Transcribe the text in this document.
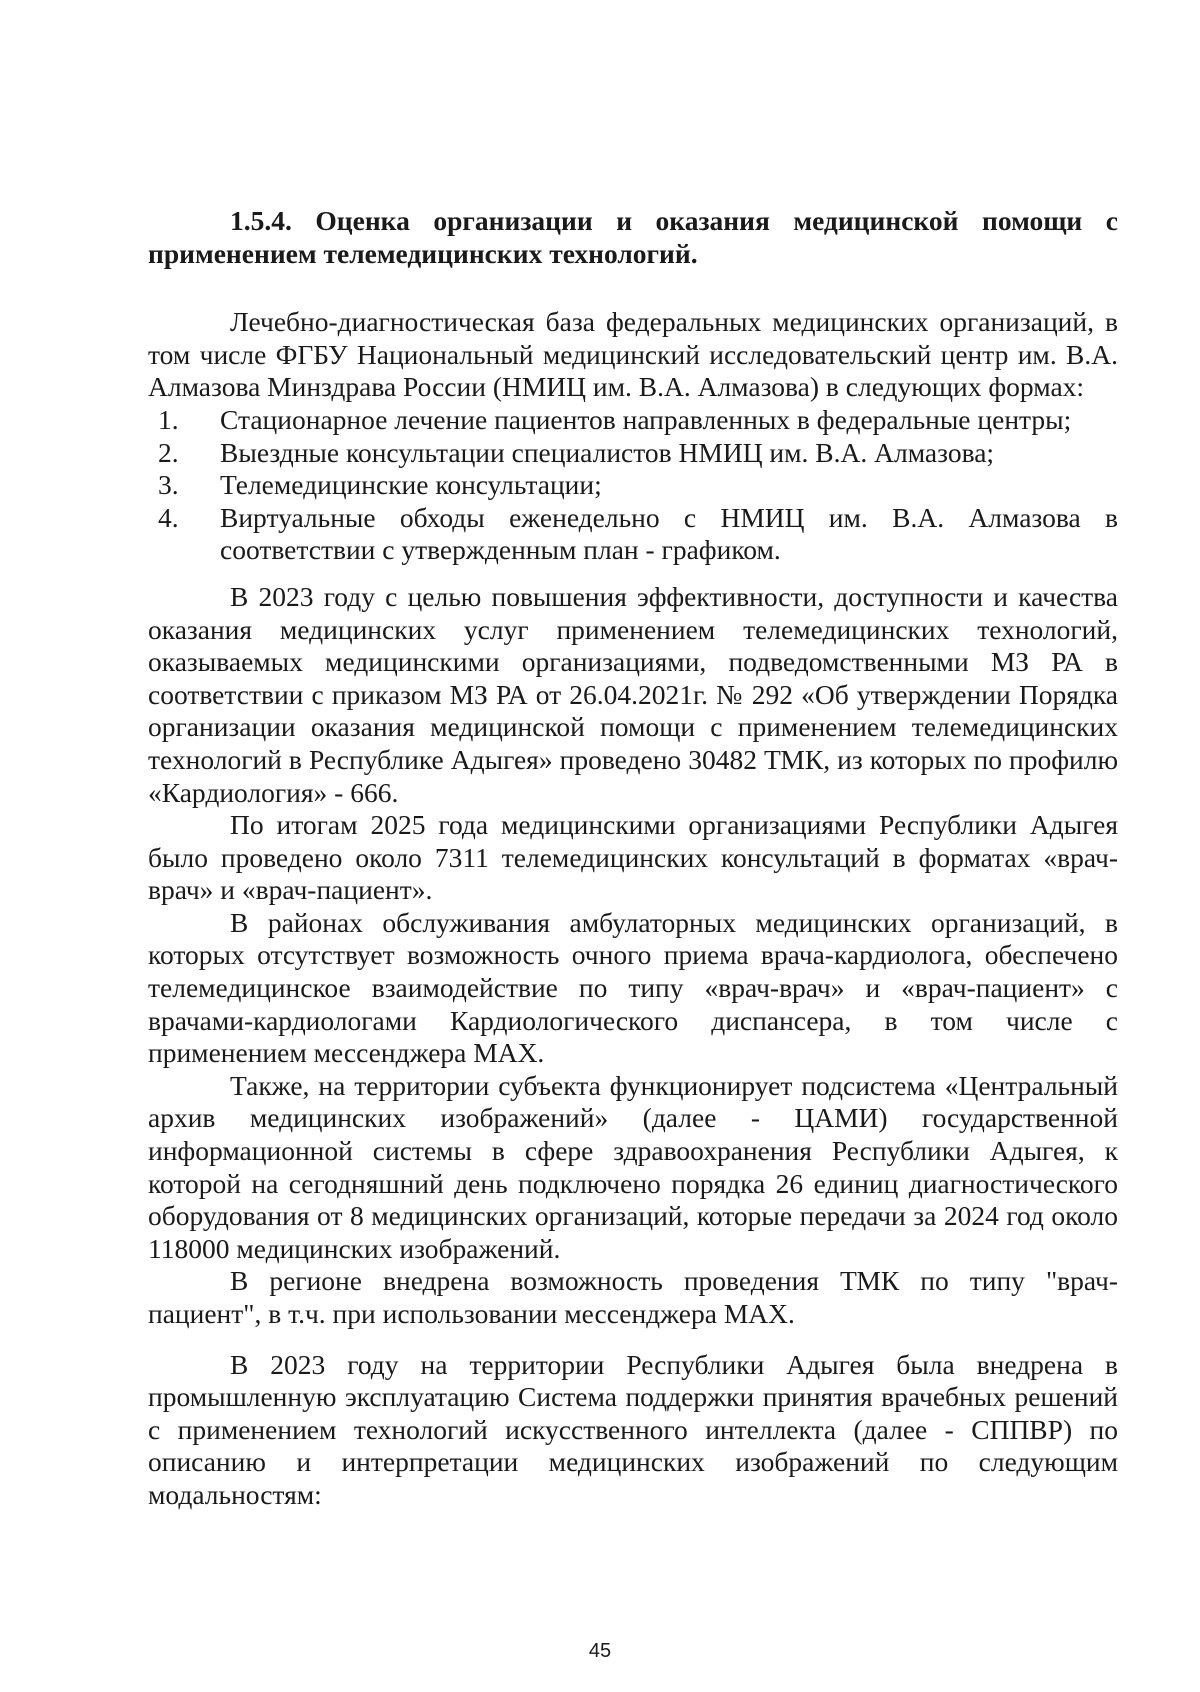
1.5.4. Оценка организации и оказания медицинской помощи с применением телемедицинских технологий.

Лечебно-диагностическая база федеральных медицинских организаций, в том числе ФГБУ Национальный медицинский исследовательский центр им. В.А. Алмазова Минздрава России (НМИЦ им. В.А. Алмазова) в следующих формах:

1.	Стационарное лечение пациентов направленных в федеральные центры;
2.	Выездные консультации специалистов НМИЦ им. В.А. Алмазова;
3.	Телемедицинские консультации;
4.	Виртуальные обходы еженедельно с НМИЦ им. В.А. Алмазова в соответствии с утвержденным план - графиком.

В 2023 году с целью повышения эффективности, доступности и качества оказания медицинских услуг применением телемедицинских технологий, оказываемых медицинскими организациями, подведомственными МЗ РА в соответствии с приказом МЗ РА от 26.04.2021г. № 292 «Об утверждении Порядка организации оказания медицинской помощи с применением телемедицинских технологий в Республике Адыгея» проведено 30482 ТМК, из которых по профилю «Кардиология» - 666.

По итогам 2025 года медицинскими организациями Республики Адыгея было проведено около 7311 телемедицинских консультаций в форматах «врач-врач» и «врач-пациент».

В районах обслуживания амбулаторных медицинских организаций, в которых отсутствует возможность очного приема врача-кардиолога, обеспечено телемедицинское взаимодействие по типу «врач-врач» и «врач-пациент» с врачами-кардиологами Кардиологического диспансера, в том числе с применением мессенджера МАХ.

Также, на территории субъекта функционирует подсистема «Центральный архив медицинских изображений» (далее - ЦАМИ) государственной информационной системы в сфере здравоохранения Республики Адыгея, к которой на сегодняшний день подключено порядка 26 единиц диагностического оборудования от 8 медицинских организаций, которые передачи за 2024 год около 118000 медицинских изображений.

В регионе внедрена возможность проведения ТМК по типу "врач-пациент", в т.ч. при использовании мессенджера МАХ.

В 2023 году на территории Республики Адыгея была внедрена в промышленную эксплуатацию Система поддержки принятия врачебных решений с применением технологий искусственного интеллекта (далее - СППВР) по описанию и интерпретации медицинских изображений по следующим модальностям:

45
